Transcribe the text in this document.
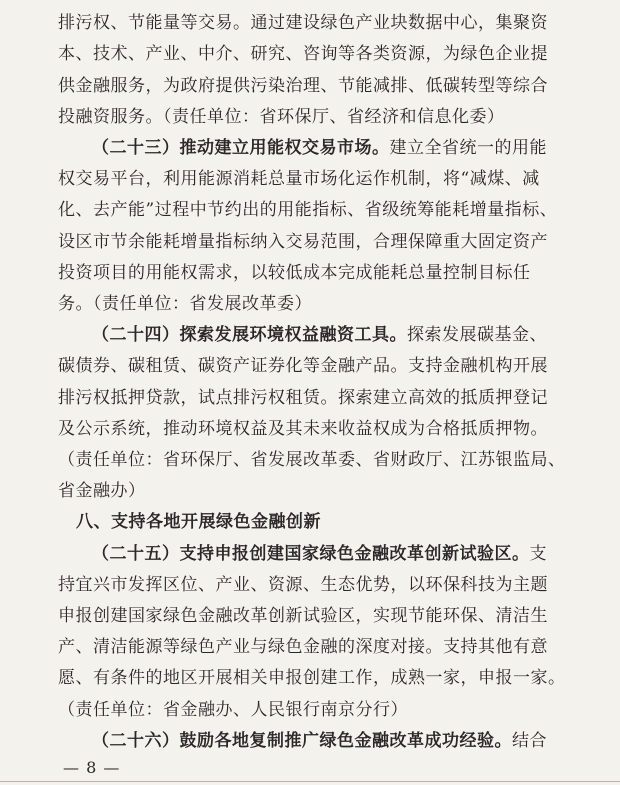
排污权、节能量等交易。通过建设绿色产业块数据中心，集聚资
本、技术、产业、中介、研究、咨询等各类资源，为绿色企业提
供金融服务，为政府提供污染治理、节能减排、低碳转型等综合
投融资服务。（责任单位：省环保厅、省经济和信息化委）
（二十三）推动建立用能权交易市场。建立全省统一的用能
权交易平台，利用能源消耗总量市场化运作机制，将“减煤、减
化、去产能”过程中节约出的用能指标、省级统筹能耗增量指标、
设区市节余能耗增量指标纳入交易范围，合理保障重大固定资产
投资项目的用能权需求，以较低成本完成能耗总量控制目标任
务。（责任单位：省发展改革委）
（二十四）探索发展环境权益融资工具。探索发展碳基金、
碳债券、碳租赁、碳资产证券化等金融产品。支持金融机构开展
排污权抵押贷款，试点排污权租赁。探索建立高效的抵质押登记
及公示系统，推动环境权益及其未来收益权成为合格抵质押物。
（责任单位：省环保厅、省发展改革委、省财政厅、江苏银监局、
省金融办）
八、支持各地开展绿色金融创新
（二十五）支持申报创建国家绿色金融改革创新试验区。支
持宜兴市发挥区位、产业、资源、生态优势，以环保科技为主题
申报创建国家绿色金融改革创新试验区，实现节能环保、清洁生
产、清洁能源等绿色产业与绿色金融的深度对接。支持其他有意
愿、有条件的地区开展相关申报创建工作，成熟一家，申报一家。
（责任单位：省金融办、人民银行南京分行）
（二十六）鼓励各地复制推广绿色金融改革成功经验。结合
— 8 —
